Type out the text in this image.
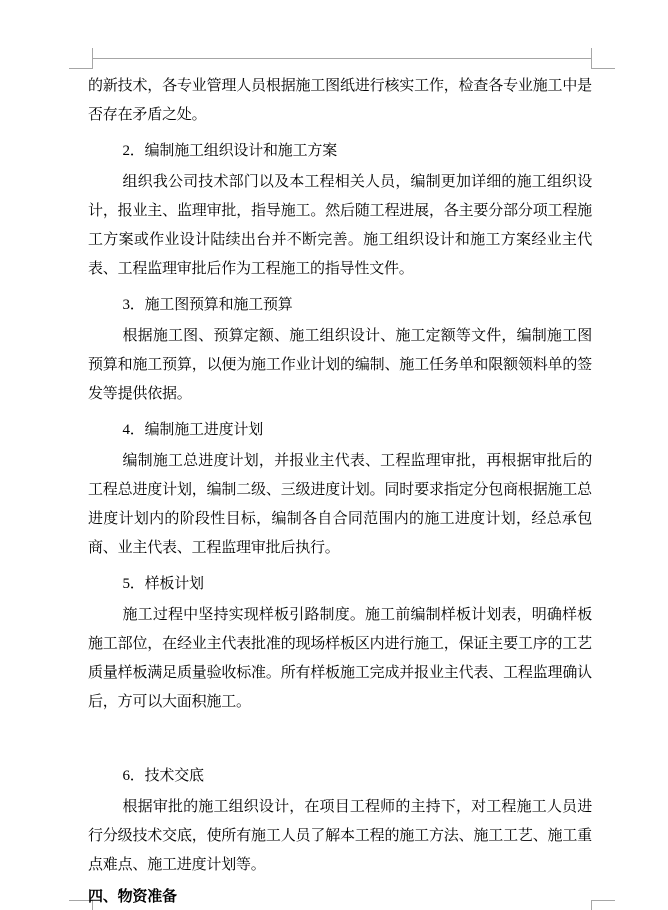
的新技术，各专业管理人员根据施工图纸进行核实工作，检查各专业施工中是否存在矛盾之处。

2．编制施工组织设计和施工方案

组织我公司技术部门以及本工程相关人员，编制更加详细的施工组织设计，报业主、监理审批，指导施工。然后随工程进展，各主要分部分项工程施工方案或作业设计陆续出台并不断完善。施工组织设计和施工方案经业主代表、工程监理审批后作为工程施工的指导性文件。

3．施工图预算和施工预算

根据施工图、预算定额、施工组织设计、施工定额等文件，编制施工图预算和施工预算，以便为施工作业计划的编制、施工任务单和限额领料单的签发等提供依据。

4．编制施工进度计划

编制施工总进度计划，并报业主代表、工程监理审批，再根据审批后的工程总进度计划，编制二级、三级进度计划。同时要求指定分包商根据施工总进度计划内的阶段性目标，编制各自合同范围内的施工进度计划，经总承包商、业主代表、工程监理审批后执行。

5．样板计划

施工过程中坚持实现样板引路制度。施工前编制样板计划表，明确样板施工部位，在经业主代表批准的现场样板区内进行施工，保证主要工序的工艺质量样板满足质量验收标准。所有样板施工完成并报业主代表、工程监理确认后，方可以大面积施工。

6．技术交底

根据审批的施工组织设计，在项目工程师的主持下，对工程施工人员进行分级技术交底，使所有施工人员了解本工程的施工方法、施工工艺、施工重点难点、施工进度计划等。

四、物资准备
